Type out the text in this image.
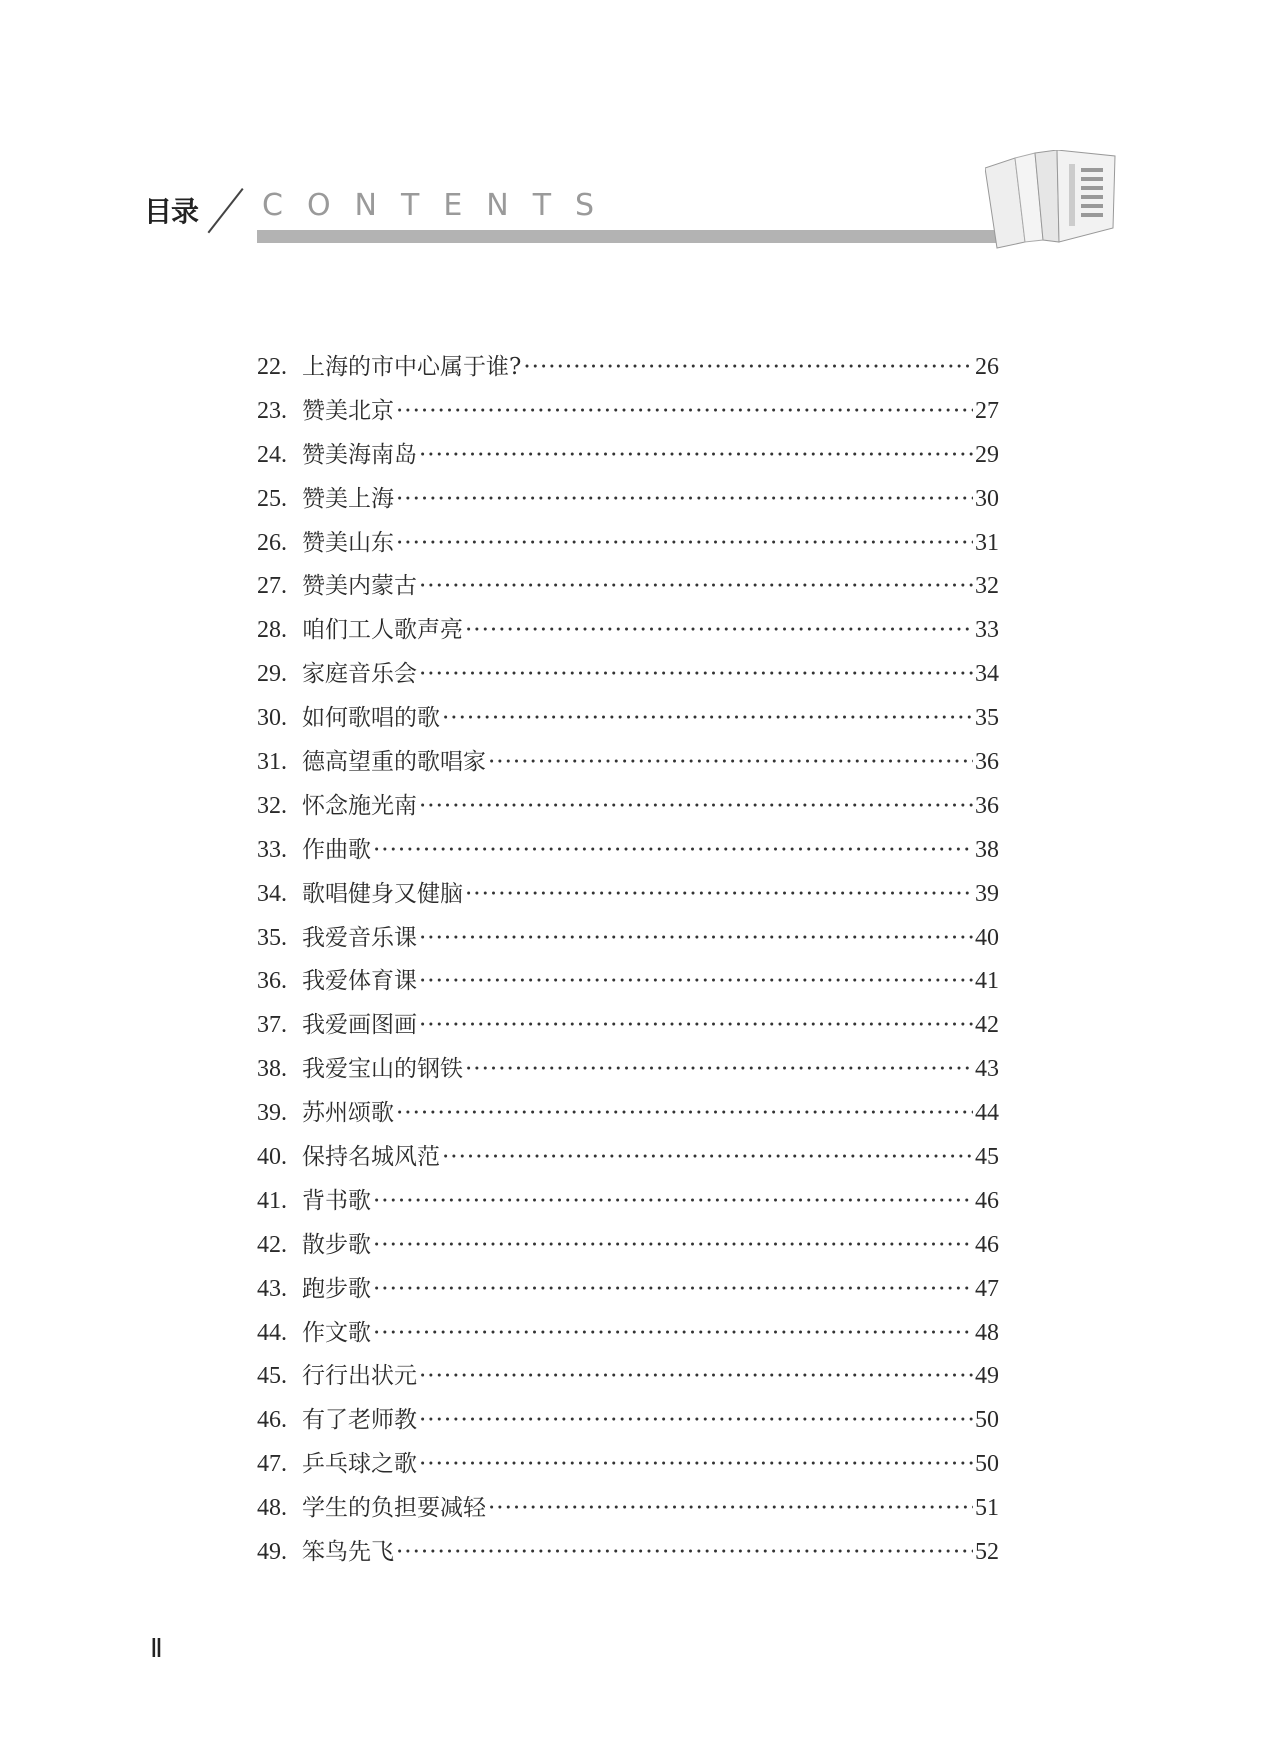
目录 CONTENTS
22. 上海的市中心属于谁? ·····	26
23. 赞美北京 ·····	27
24. 赞美海南岛 ·····	29
25. 赞美上海 ·····	30
26. 赞美山东 ·····	31
27. 赞美内蒙古 ·····	32
28. 咱们工人歌声亮 ·····	33
29. 家庭音乐会 ·····	34
30. 如何歌唱的歌 ·····	35
31. 德高望重的歌唱家 ·····	36
32. 怀念施光南 ·····	36
33. 作曲歌 ·····	38
34. 歌唱健身又健脑 ·····	39
35. 我爱音乐课 ·····	40
36. 我爱体育课 ·····	41
37. 我爱画图画 ·····	42
38. 我爱宝山的钢铁 ·····	43
39. 苏州颂歌 ·····	44
40. 保持名城风范 ·····	45
41. 背书歌 ·····	46
42. 散步歌 ·····	46
43. 跑步歌 ·····	47
44. 作文歌 ·····	48
45. 行行出状元 ·····	49
46. 有了老师教 ·····	50
47. 乒乓球之歌 ·····	50
48. 学生的负担要减轻 ·····	51
49. 笨鸟先飞 ·····	52
Ⅱ
